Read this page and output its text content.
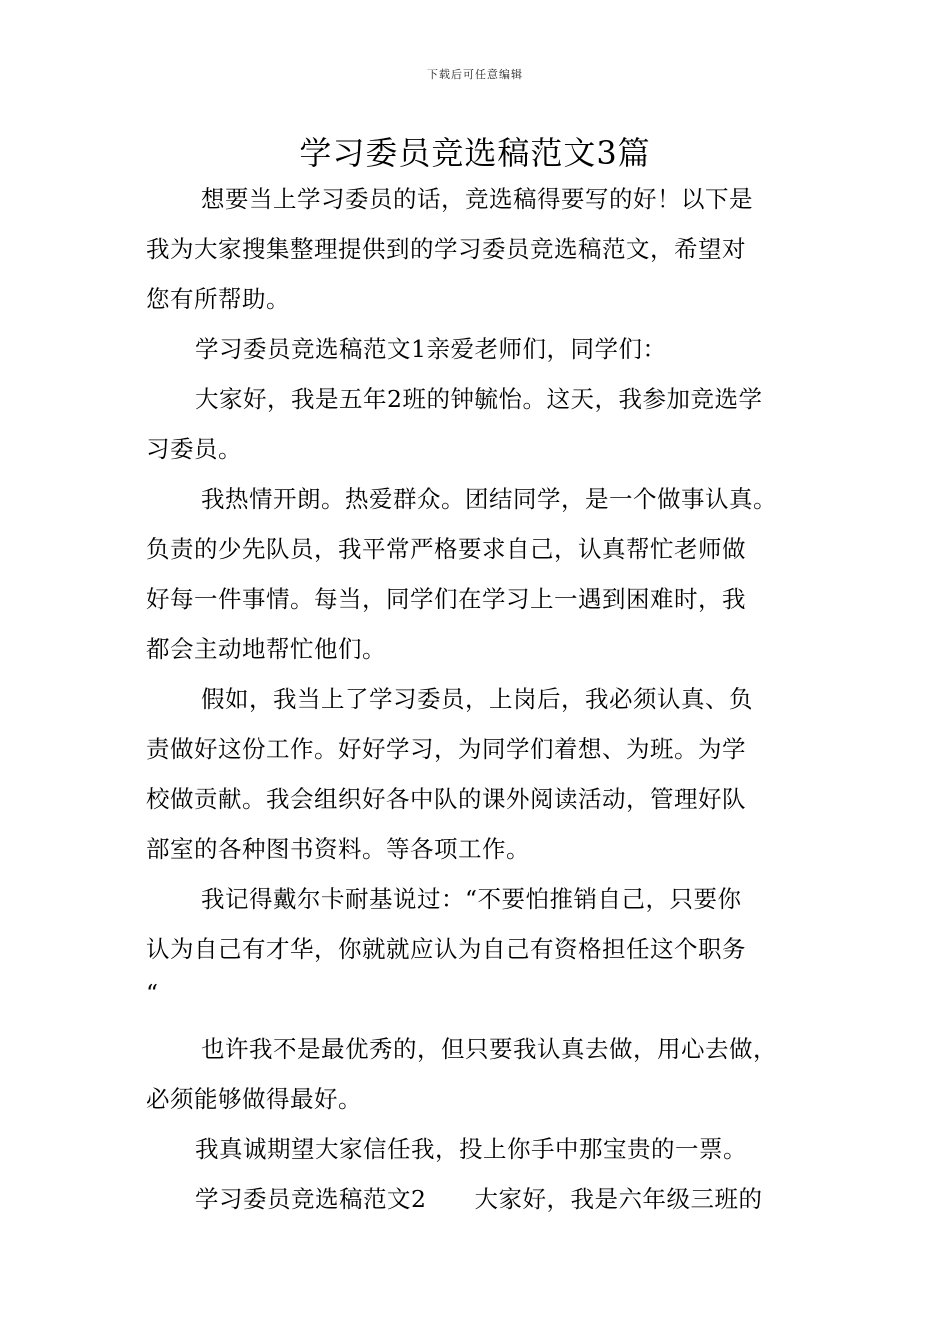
下载后可任意编辑
学习委员竞选稿范文3篇
想要当上学习委员的话，竞选稿得要写的好！以下是
我为大家搜集整理提供到的学习委员竞选稿范文，希望对
您有所帮助。
学习委员竞选稿范文1亲爱老师们，同学们：
大家好，我是五年2班的钟毓怡。这天，我参加竞选学
习委员。
我热情开朗。热爱群众。团结同学，是一个做事认真。
负责的少先队员，我平常严格要求自己，认真帮忙老师做
好每一件事情。每当，同学们在学习上一遇到困难时，我
都会主动地帮忙他们。
假如，我当上了学习委员，上岗后，我必须认真、负
责做好这份工作。好好学习，为同学们着想、为班。为学
校做贡献。我会组织好各中队的课外阅读活动，管理好队
部室的各种图书资料。等各项工作。
我记得戴尔卡耐基说过：“不要怕推销自己，只要你
认为自己有才华，你就就应认为自己有资格担任这个职务
“
也许我不是最优秀的，但只要我认真去做，用心去做，
必须能够做得最好。
我真诚期望大家信任我，投上你手中那宝贵的一票。
学习委员竞选稿范文2　　大家好，我是六年级三班的
